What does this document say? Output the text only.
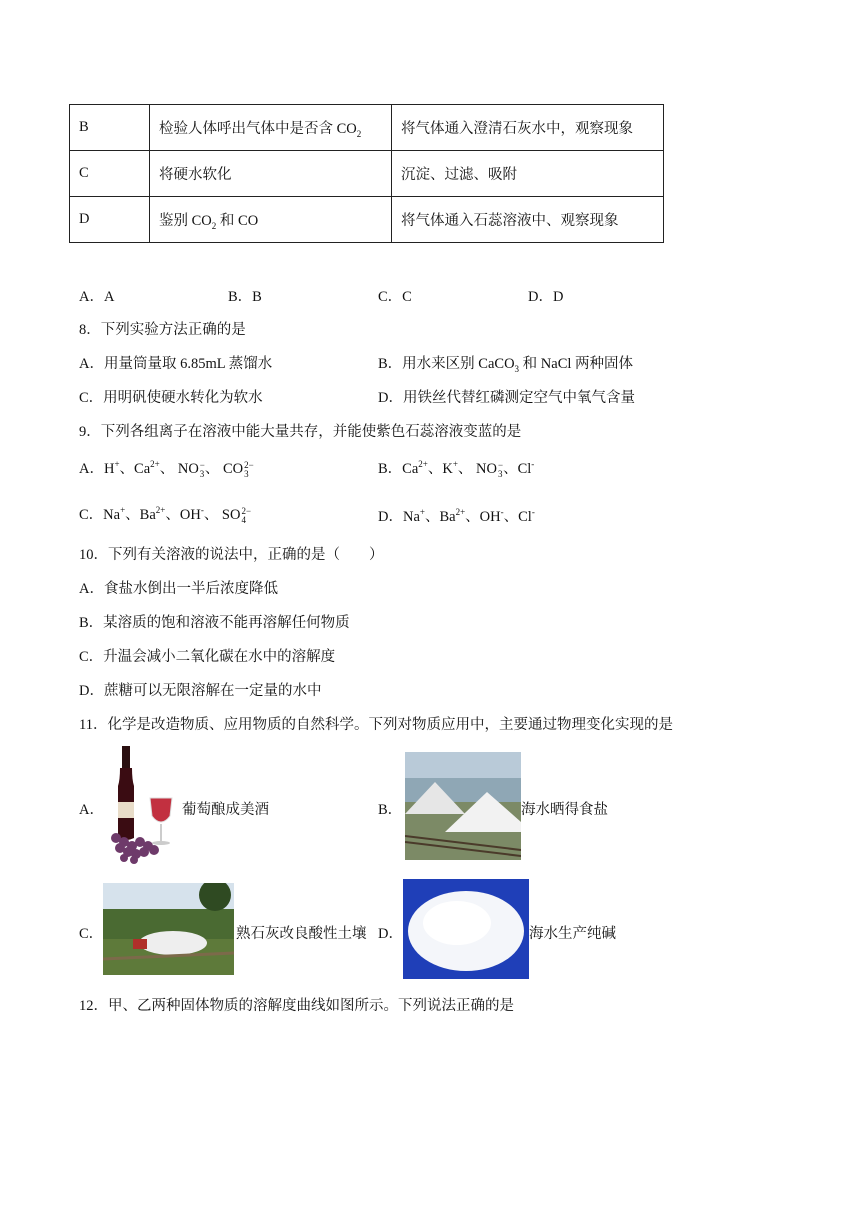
B	检验人体呼出气体中是否含 $CO_2$	将气体通入澄清石灰水中，观察现象
C	将硬水软化	沉淀、过滤、吸附
D	鉴别 $CO_2$ 和 CO	将气体通入石蕊溶液中、观察现象
A．A	B．B	C．C	D．D
8．下列实验方法正确的是
A．用量筒量取 6.85mL 蒸馏水	B．用水来区别 CaCO$_3$ 和 NaCl 两种固体
C．用明矾使硬水转化为软水	D．用铁丝代替红磷测定空气中氧气含量
9．下列各组离子在溶液中能大量共存，并能使紫色石蕊溶液变蓝的是
A．H+、$Ca^{2+}$、 NO −
3 、 CO 2−
3	B．$Ca^{2+}$、K+、 NO −
3 、Cl-
C．Na+、$Ba^{2+}$、OH-、 SO 2−
4	D．Na+、$Ba^{2+}$、OH-、Cl-
10．下列有关溶液的说法中，正确的是（　　）
A．食盐水倒出一半后浓度降低
B．某溶质的饱和溶液不能再溶解任何物质
C．升温会减小二氧化碳在水中的溶解度
D．蔗糖可以无限溶解在一定量的水中
11．化学是改造物质、应用物质的自然科学。下列对物质应用中，主要通过物理变化实现的是
A．	葡萄酿成美酒	B．	海水晒得食盐
C．	熟石灰改良酸性土壤 D．	海水生产纯碱
12．甲、乙两种固体物质的溶解度曲线如图所示。下列说法正确的是
